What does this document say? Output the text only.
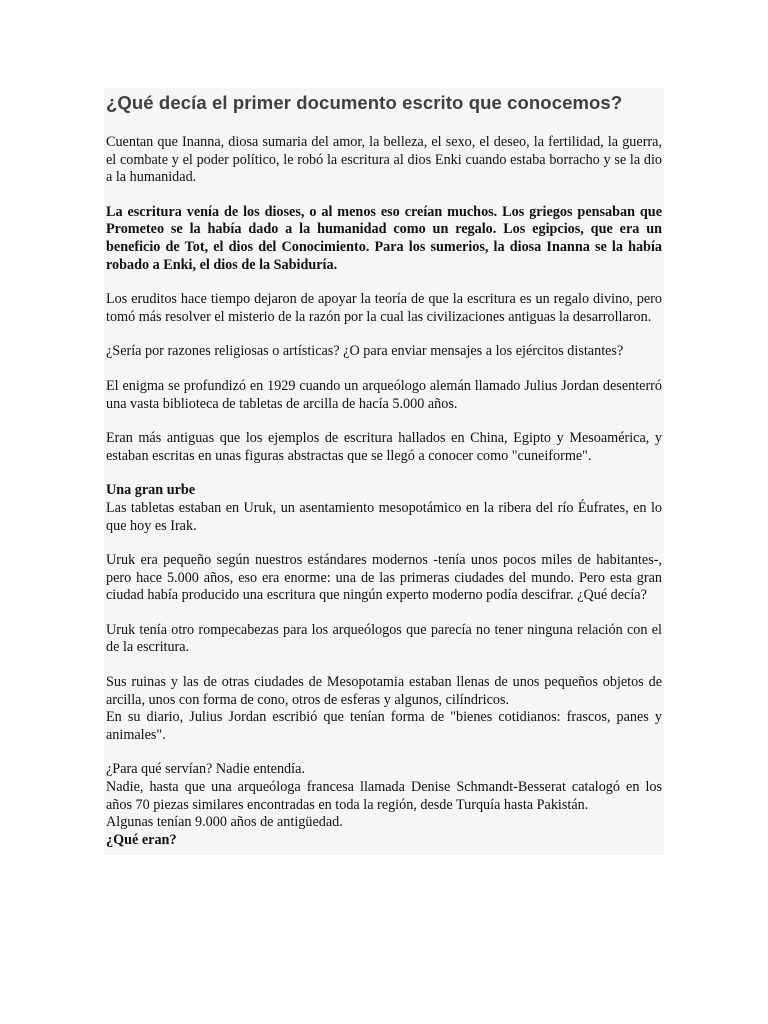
¿Qué decía el primer documento escrito que conocemos?

Cuentan que Inanna, diosa sumaria del amor, la belleza, el sexo, el deseo, la fertilidad, la guerra, el combate y el poder político, le robó la escritura al dios Enki cuando estaba borracho y se la dio a la humanidad.

La escritura venía de los dioses, o al menos eso creían muchos. Los griegos pensaban que Prometeo se la había dado a la humanidad como un regalo. Los egipcios, que era un beneficio de Tot, el dios del Conocimiento. Para los sumerios, la diosa Inanna se la había robado a Enki, el dios de la Sabiduría.

Los eruditos hace tiempo dejaron de apoyar la teoría de que la escritura es un regalo divino, pero tomó más resolver el misterio de la razón por la cual las civilizaciones antiguas la desarrollaron.

¿Sería por razones religiosas o artísticas? ¿O para enviar mensajes a los ejércitos distantes?

El enigma se profundizó en 1929 cuando un arqueólogo alemán llamado Julius Jordan desenterró una vasta biblioteca de tabletas de arcilla de hacía 5.000 años.

Eran más antiguas que los ejemplos de escritura hallados en China, Egipto y Mesoamérica, y estaban escritas en unas figuras abstractas que se llegó a conocer como "cuneiforme".

Una gran urbe

Las tabletas estaban en Uruk, un asentamiento mesopotámico en la ribera del río Éufrates, en lo que hoy es Irak.

Uruk era pequeño según nuestros estándares modernos -tenía unos pocos miles de habitantes-, pero hace 5.000 años, eso era enorme: una de las primeras ciudades del mundo. Pero esta gran ciudad había producido una escritura que ningún experto moderno podía descifrar. ¿Qué decía?

Uruk tenía otro rompecabezas para los arqueólogos que parecía no tener ninguna relación con el de la escritura.

Sus ruinas y las de otras ciudades de Mesopotamia estaban llenas de unos pequeños objetos de arcilla, unos con forma de cono, otros de esferas y algunos, cilíndricos.

En su diario, Julius Jordan escribió que tenían forma de "bienes cotidianos: frascos, panes y animales".

¿Para qué servían? Nadie entendía.

Nadie, hasta que una arqueóloga francesa llamada Denise Schmandt-Besserat catalogó en los años 70 piezas similares encontradas en toda la región, desde Turquía hasta Pakistán.

Algunas tenían 9.000 años de antigüedad.

¿Qué eran?
